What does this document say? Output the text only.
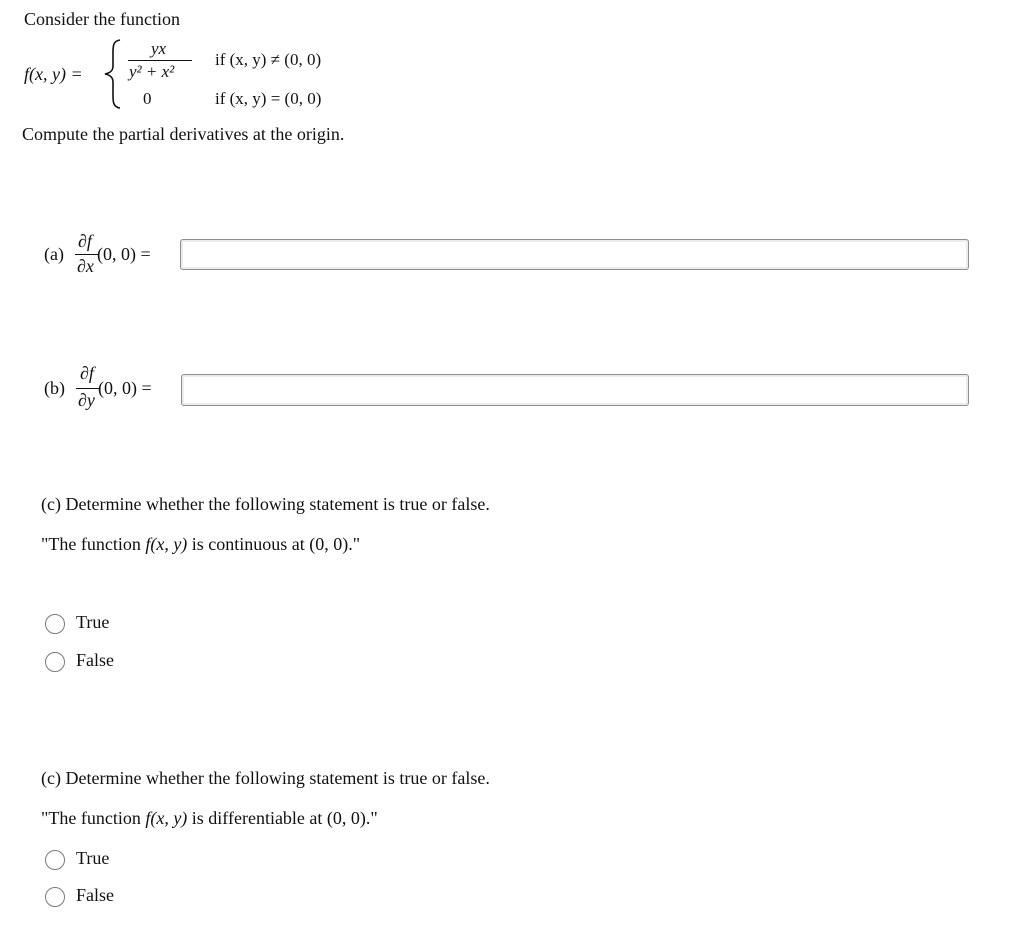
Consider the function
f(x, y) =
yx
y² + x²
0
if (x, y) ≠ (0, 0)
if (x, y) = (0, 0)
Compute the partial derivatives at the origin.
(a)
∂f
∂x
(0, 0) =
(b)
∂f
∂y
(0, 0) =
(c) Determine whether the following statement is true or false.
"The function f(x, y) is continuous at (0, 0)."
True
False
(c) Determine whether the following statement is true or false.
"The function f(x, y) is differentiable at (0, 0)."
True
False
